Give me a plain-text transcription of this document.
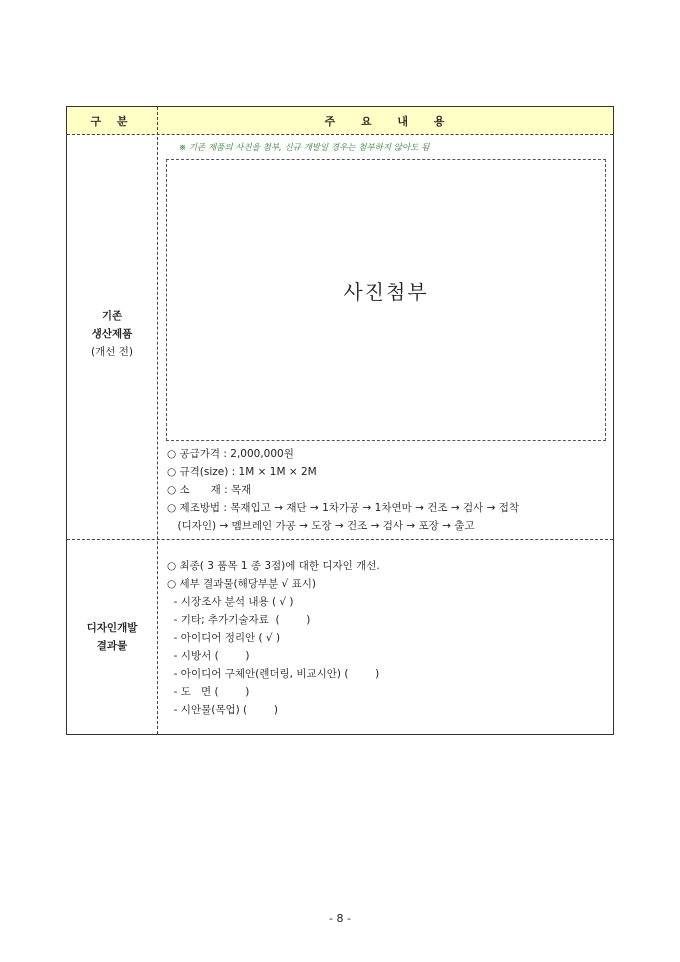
구 분	주 요 내 용
기존
생산제품
(개선 전)
※ 기존 제품의 사진을 첨부, 신규 개발일 경우는 첨부하지 않아도 됨
사진첨부
○ 공급가격 : 2,000,000원
○ 규격(size) : 1M × 1M × 2M
○ 소　　재 : 목재
○ 제조방법 : 목재입고 → 재단 → 1차가공 → 1차연마 → 건조 → 검사 → 접착
　(디자인) → 멤브레인 가공 → 도장 → 건조 → 검사 → 포장 → 출고
디자인개발
결과물
○ 최종( 3 품목 1 종 3점)에 대한 디자인 개선.
○ 세부 결과물(해당부분 √ 표시)
- 시장조사 분석 내용 ( √ )
- 기타; 추가기술자료  (        )
- 아이디어 정리안 ( √ )
- 시방서 (        )
- 아이디어 구체안(렌더링, 비교시안) (        )
- 도   면 (        )
- 시안물(목업) (        )
- 8 -
